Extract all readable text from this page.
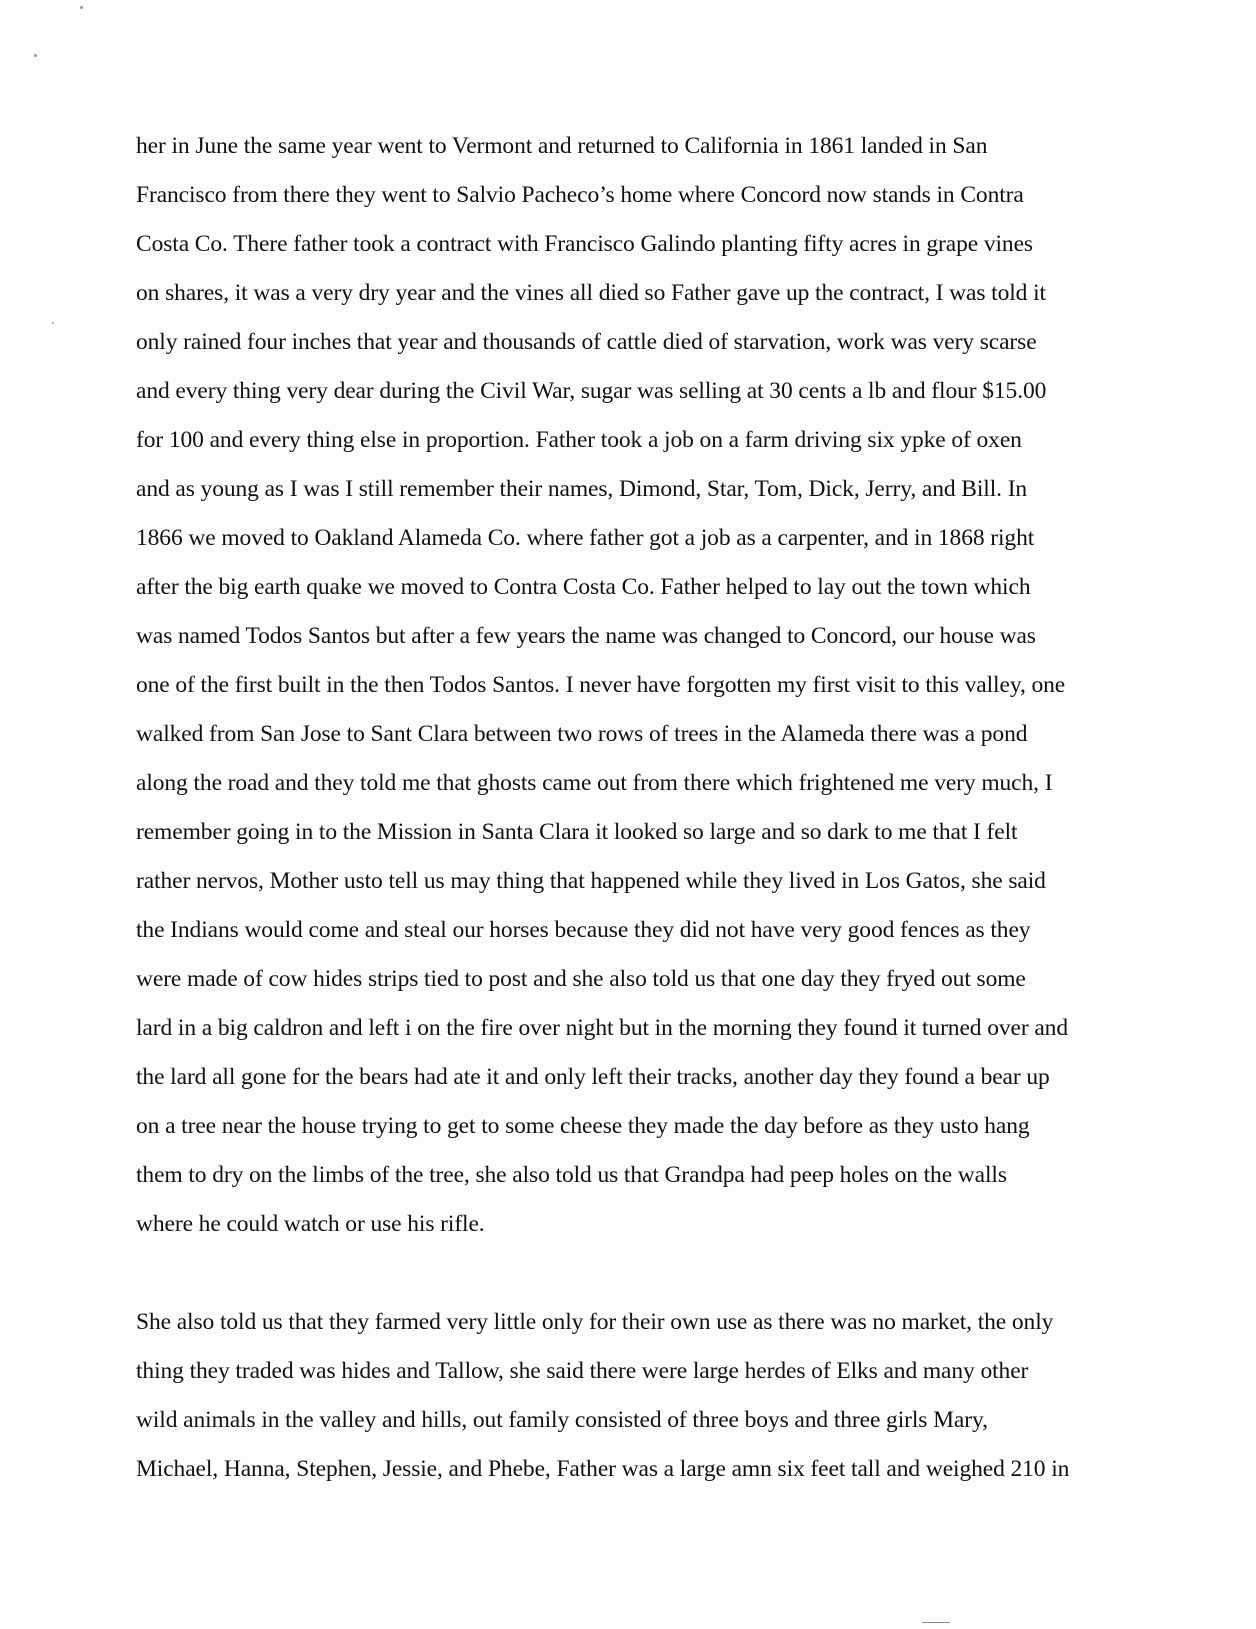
her in June the same year went to Vermont and returned to California in 1861 landed in San
Francisco from there they went to Salvio Pacheco’s home where Concord now stands in Contra
Costa Co. There father took a contract with Francisco Galindo planting fifty acres in grape vines
on shares, it was a very dry year and the vines all died so Father gave up the contract, I was told it
only rained four inches that year and thousands of cattle died of starvation, work was very scarse
and every thing very dear during the Civil War, sugar was selling at 30 cents a lb and flour $15.00
for 100 and every thing else in proportion. Father took a job on a farm driving six ypke of oxen
and as young as I was I still remember their names, Dimond, Star, Tom, Dick, Jerry, and Bill. In
1866 we moved to Oakland Alameda Co. where father got a job as a carpenter, and in 1868 right
after the big earth quake we moved to Contra Costa Co. Father helped to lay out the town which
was named Todos Santos but after a few years the name was changed to Concord, our house was
one of the first built in the then Todos Santos. I never have forgotten my first visit to this valley, one
walked from San Jose to Sant Clara between two rows of trees in the Alameda there was a pond
along the road and they told me that ghosts came out from there which frightened me very much, I
remember going in to the Mission in Santa Clara it looked so large and so dark to me that I felt
rather nervos, Mother usto tell us may thing that happened while they lived in Los Gatos, she said
the Indians would come and steal our horses because they did not have very good fences as they
were made of cow hides strips tied to post and she also told us that one day they fryed out some
lard in a big caldron and left i on the fire over night but in the morning they found it turned over and
the lard all gone for the bears had ate it and only left their tracks, another day they found a bear up
on a tree near the house trying to get to some cheese they made the day before as they usto hang
them to dry on the limbs of the tree, she also told us that Grandpa had peep holes on the walls
where he could watch or use his rifle.
She also told us that they farmed very little only for their own use as there was no market, the only
thing they traded was hides and Tallow, she said there were large herdes of Elks and many other
wild animals in the valley and hills, out family consisted of three boys and three girls Mary,
Michael, Hanna, Stephen, Jessie, and Phebe, Father was a large amn six feet tall and weighed 210 in
